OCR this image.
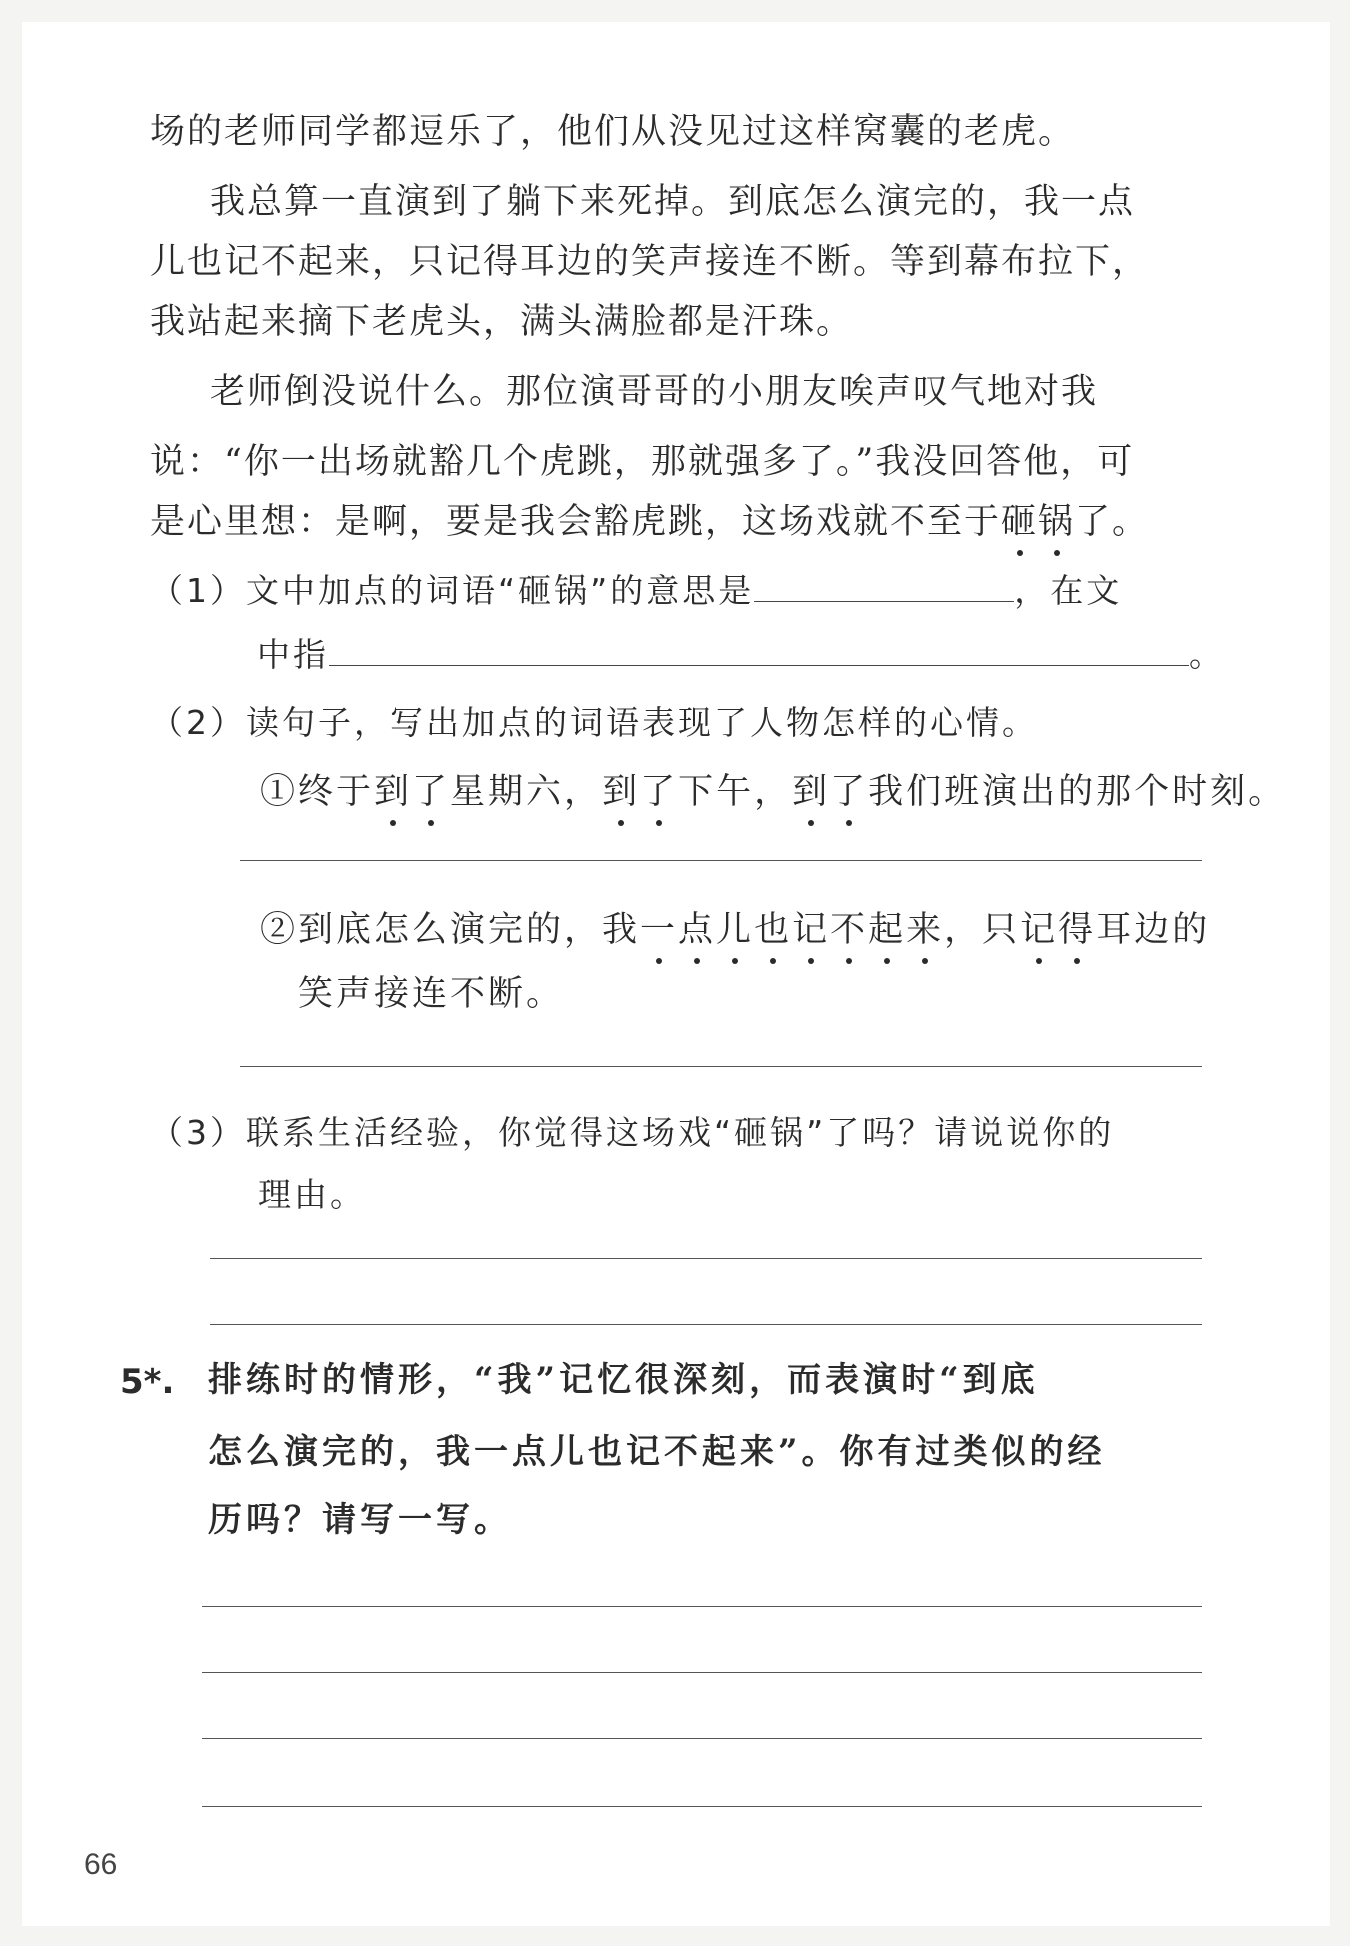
场的老师同学都逗乐了，他们从没见过这样窝囊的老虎。
我总算一直演到了躺下来死掉。到底怎么演完的，我一点
儿也记不起来，只记得耳边的笑声接连不断。等到幕布拉下，
我站起来摘下老虎头，满头满脸都是汗珠。
老师倒没说什么。那位演哥哥的小朋友唉声叹气地对我
说：“你一出场就豁几个虎跳，那就强多了。”我没回答他，可
是心里想：是啊，要是我会豁虎跳，这场戏就不至于砸锅了。
（1）文中加点的词语“砸锅”的意思是	，在文
中指	。
（2）读句子，写出加点的词语表现了人物怎样的心情。
①终于到了星期六，到了下午，到了我们班演出的那个时刻。
②到底怎么演完的，我一点儿也记不起来，只记得耳边的
笑声接连不断。
（3）联系生活经验，你觉得这场戏“砸锅”了吗？请说说你的
理由。
5*. 排练时的情形，“我”记忆很深刻，而表演时“到底
怎么演完的，我一点儿也记不起来”。你有过类似的经
历吗？请写一写。
66
